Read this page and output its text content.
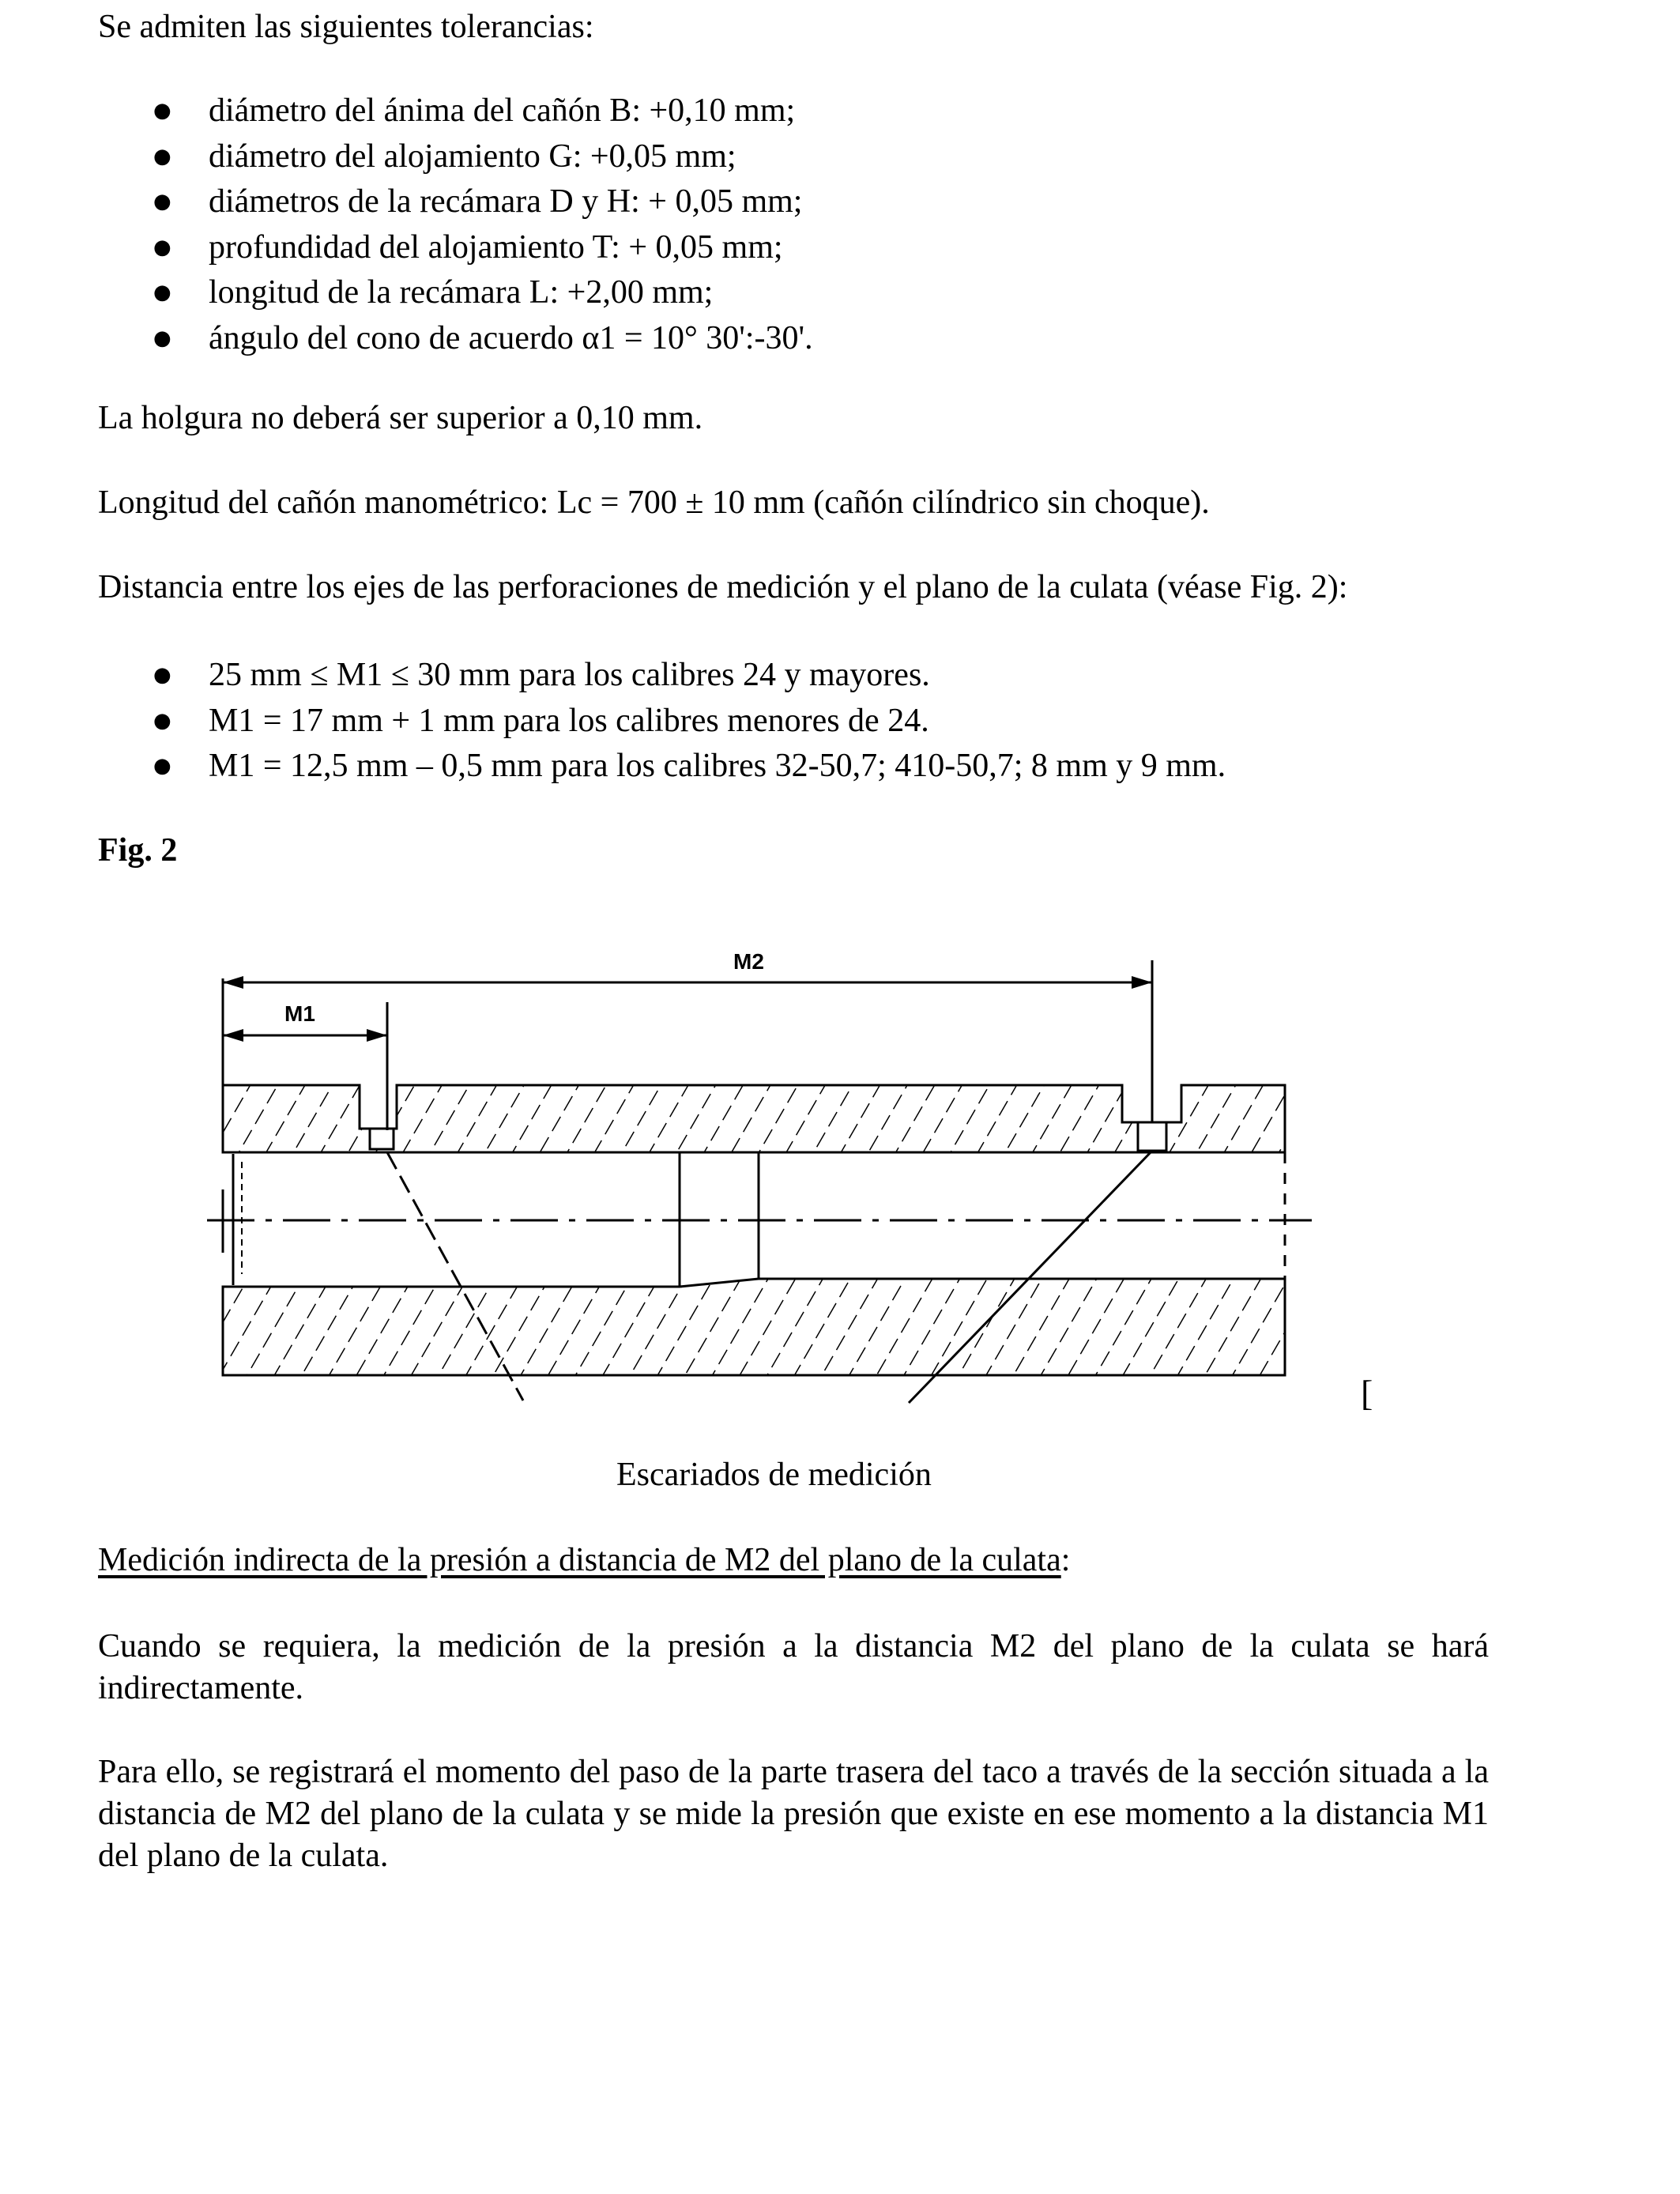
Se admiten las siguientes tolerancias:

● diámetro del ánima del cañón B: +0,10 mm;
● diámetro del alojamiento G: +0,05 mm;
● diámetros de la recámara D y H: + 0,05 mm;
● profundidad del alojamiento T: + 0,05 mm;
● longitud de la recámara L: +2,00 mm;
● ángulo del cono de acuerdo α1 = 10° 30':-30'.

La holgura no deberá ser superior a 0,10 mm.

Longitud del cañón manométrico: Lc = 700 ± 10 mm (cañón cilíndrico sin choque).

Distancia entre los ejes de las perforaciones de medición y el plano de la culata (véase Fig. 2):

● 25 mm ≤ M1 ≤ 30 mm para los calibres 24 y mayores.
● M1 = 17 mm + 1 mm para los calibres menores de 24.
● M1 = 12,5 mm – 0,5 mm para los calibres 32-50,7; 410-50,7; 8 mm y 9 mm.
Fig. 2
M1
M2
[
Escariados de medición
Medición indirecta de la presión a distancia de M2 del plano de la culata:

Cuando se requiera, la medición de la presión a la distancia M2 del plano de la culata se hará indirectamente.

Para ello, se registrará el momento del paso de la parte trasera del taco a través de la sección situada a la distancia de M2 del plano de la culata y se mide la presión que existe en ese momento a la distancia M1 del plano de la culata.
